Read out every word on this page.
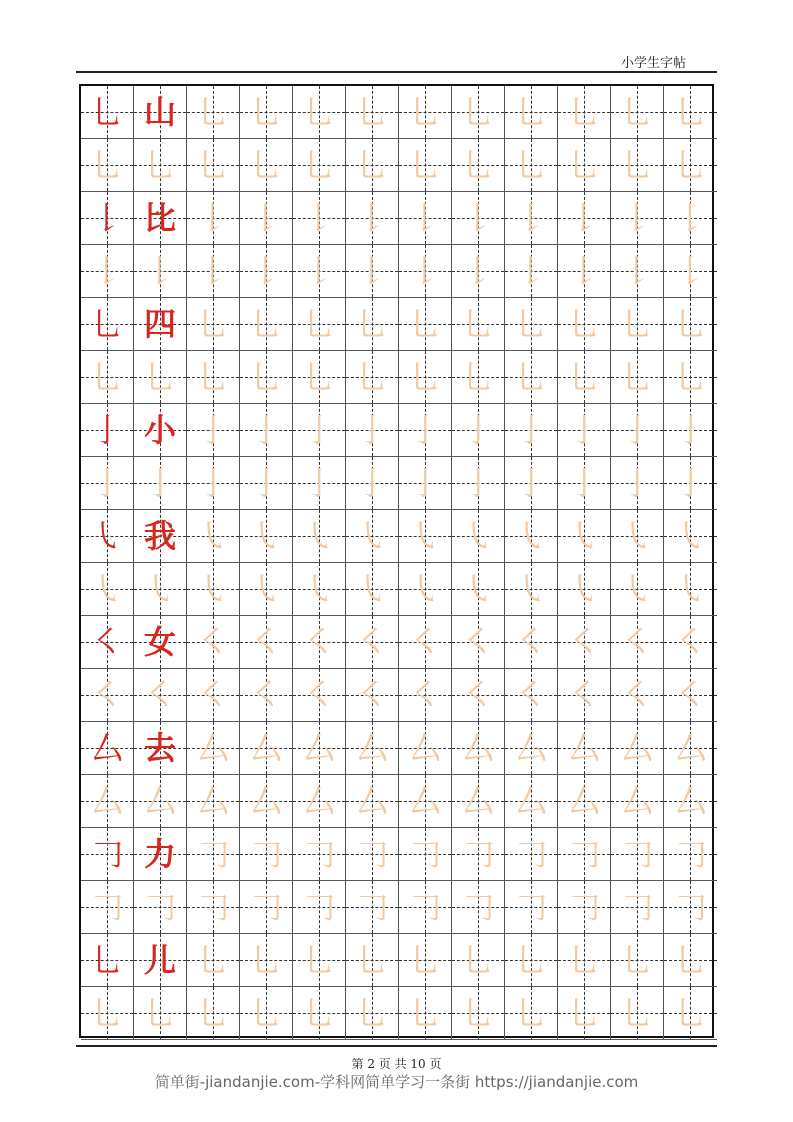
小学生字帖
乚 山 乚 乚 乚 乚 乚 乚 乚 乚 乚 乚
乚 乚 乚 乚 乚 乚 乚 乚 乚 乚 乚 乚
𠄌 比 𠄌 𠄌 𠄌 𠄌 𠄌 𠄌 𠄌 𠄌 𠄌 𠄌
𠄌 𠄌 𠄌 𠄌 𠄌 𠄌 𠄌 𠄌 𠄌 𠄌 𠄌 𠄌
乚 四 乚 乚 乚 乚 乚 乚 乚 乚 乚 乚
乚 乚 乚 乚 乚 乚 乚 乚 乚 乚 乚 乚
亅 小 亅 亅 亅 亅 亅 亅 亅 亅 亅 亅
亅 亅 亅 亅 亅 亅 亅 亅 亅 亅 亅 亅
㇂ 我 ㇂ ㇂ ㇂ ㇂ ㇂ ㇂ ㇂ ㇂ ㇂ ㇂
㇂ ㇂ ㇂ ㇂ ㇂ ㇂ ㇂ ㇂ ㇂ ㇂ ㇂ ㇂
㇛ 女 ㇛ ㇛ ㇛ ㇛ ㇛ ㇛ ㇛ ㇛ ㇛ ㇛
㇛ ㇛ ㇛ ㇛ ㇛ ㇛ ㇛ ㇛ ㇛ ㇛ ㇛ ㇛
厶 去 厶 厶 厶 厶 厶 厶 厶 厶 厶 厶
厶 厶 厶 厶 厶 厶 厶 厶 厶 厶 厶 厶
𠃌 力 𠃌 𠃌 𠃌 𠃌 𠃌 𠃌 𠃌 𠃌 𠃌 𠃌
𠃌 𠃌 𠃌 𠃌 𠃌 𠃌 𠃌 𠃌 𠃌 𠃌 𠃌 𠃌
乚 儿 乚 乚 乚 乚 乚 乚 乚 乚 乚 乚
乚 乚 乚 乚 乚 乚 乚 乚 乚 乚 乚 乚
第 2 页 共 10 页
简单街-jiandanjie.com-学科网简单学习一条街 https://jiandanjie.com
